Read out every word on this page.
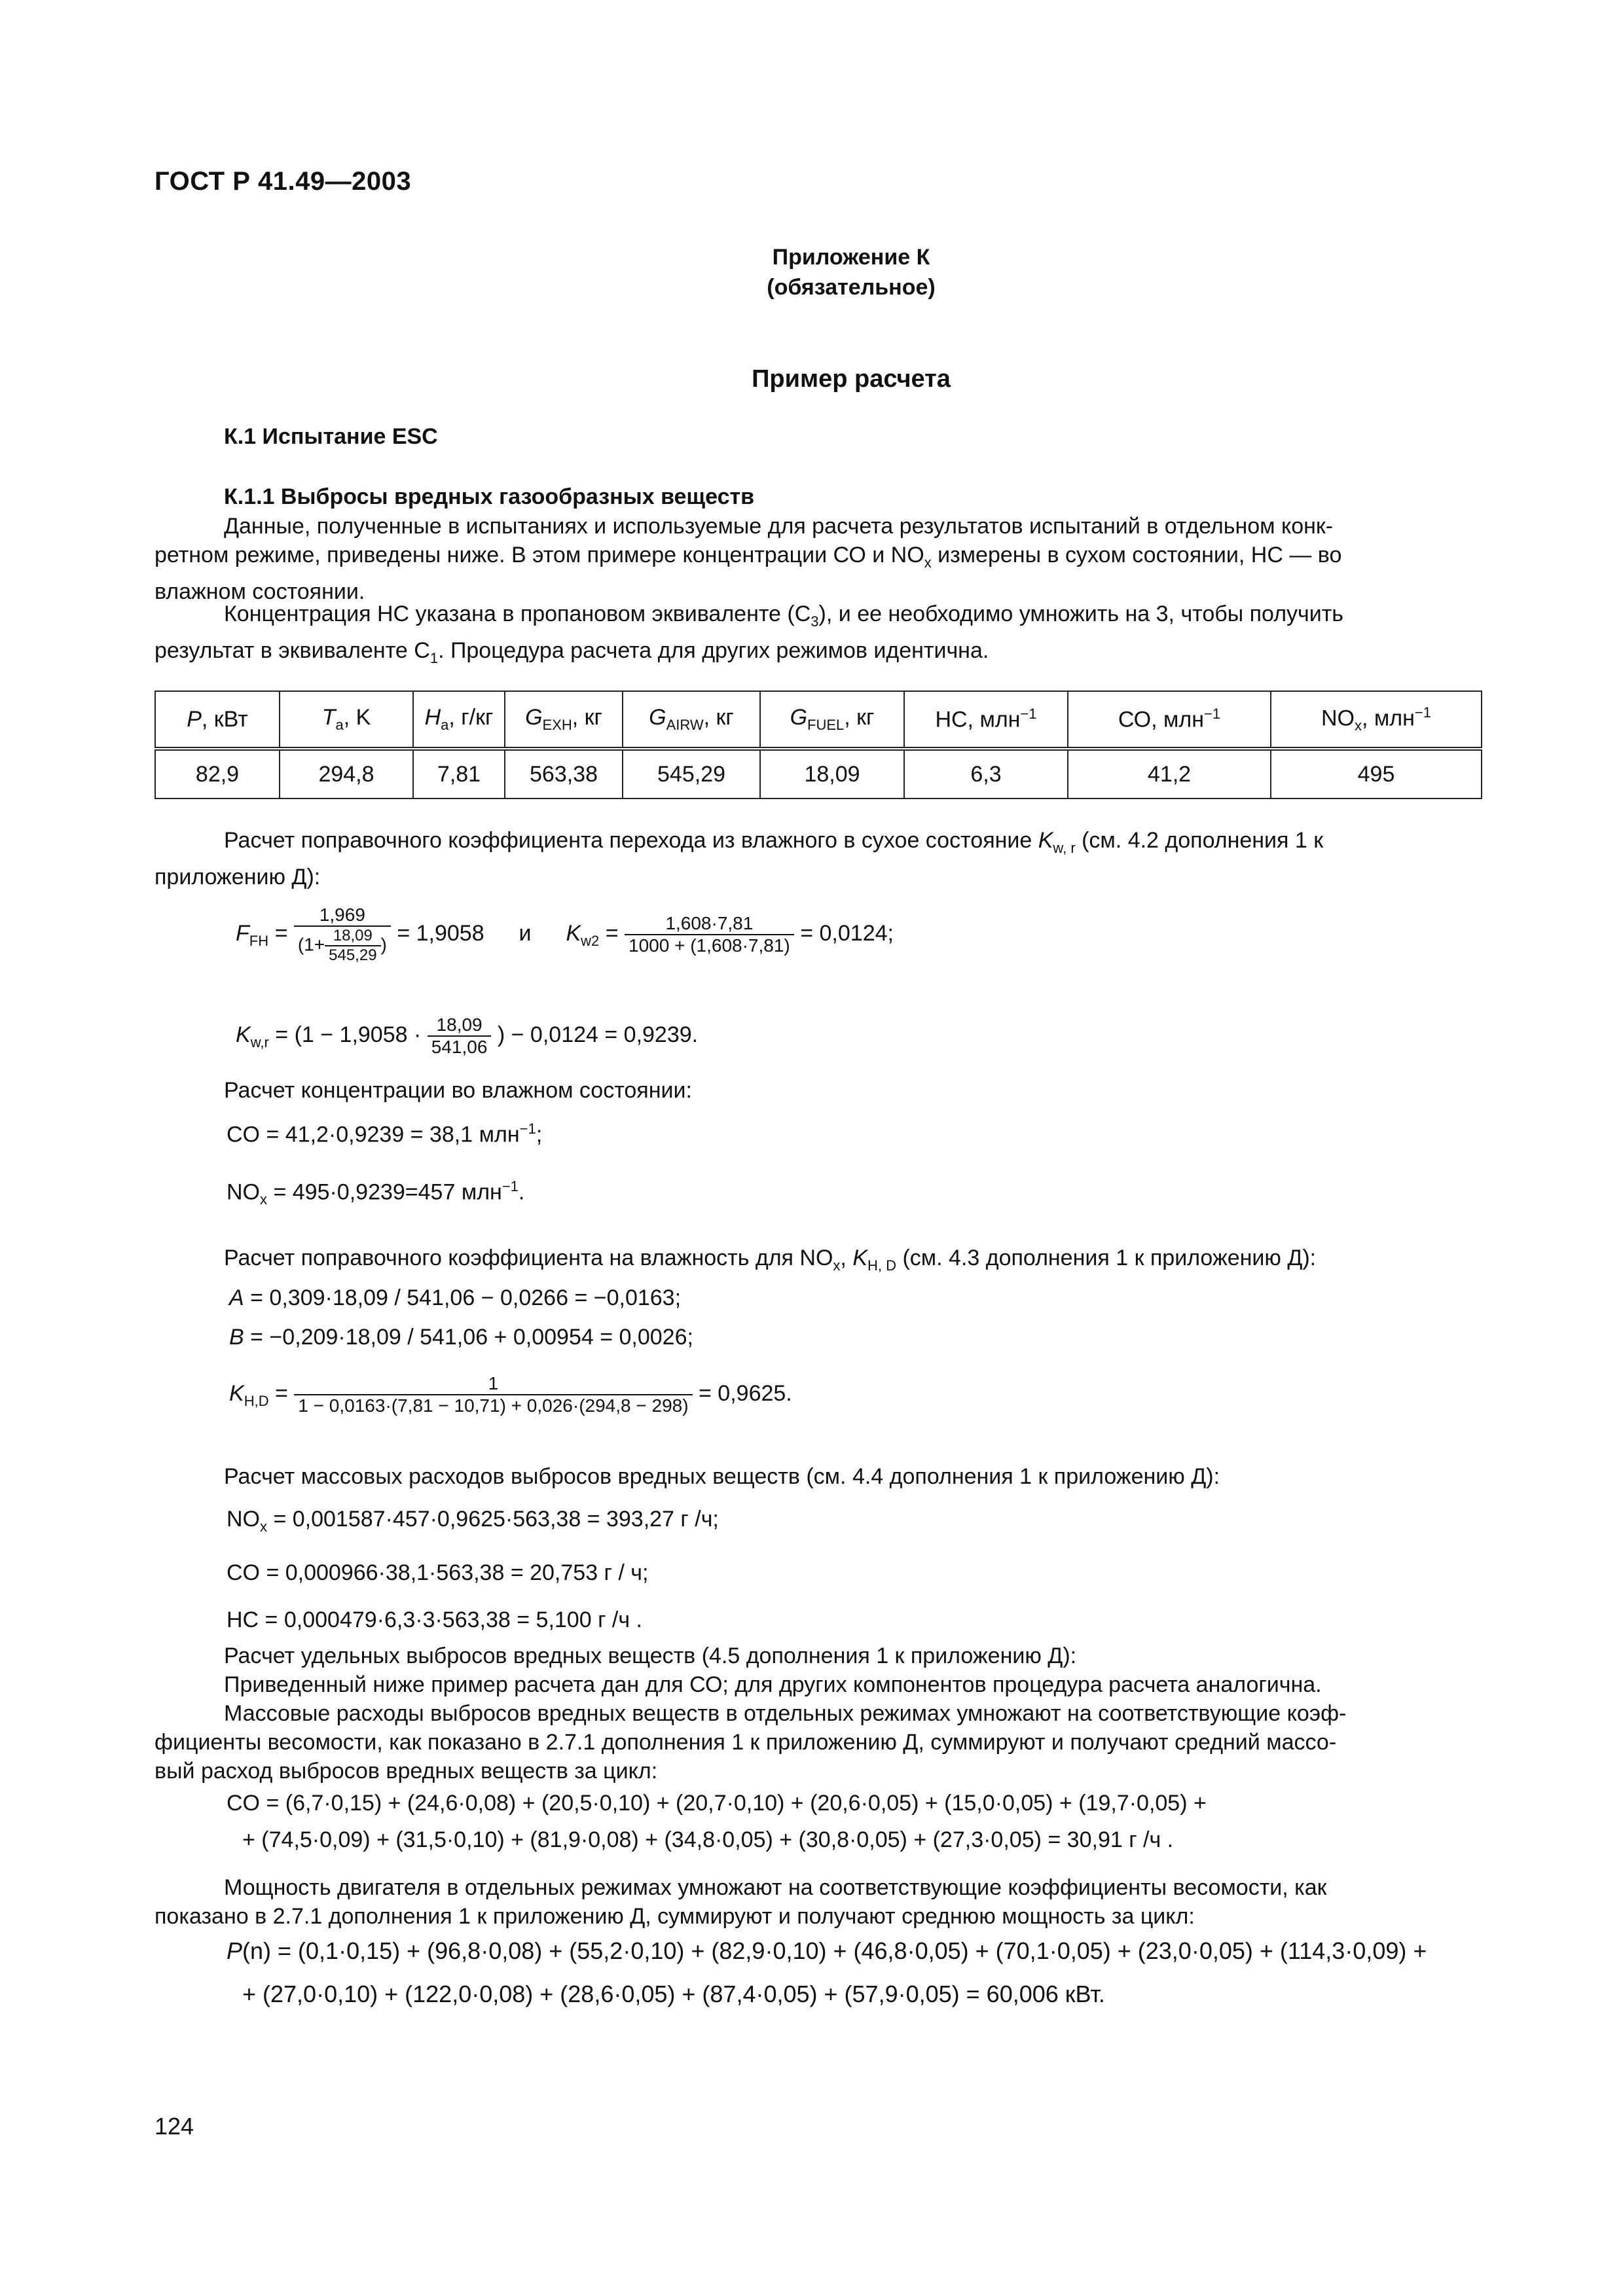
ГОСТ Р 41.49—2003
Приложение К
(обязательное)
Пример расчета
К.1 Испытание ESC
К.1.1 Выбросы вредных газообразных веществ
Данные, полученные в испытаниях и используемые для расчета результатов испытаний в отдельном конк-
ретном режиме, приведены ниже. В этом примере концентрации СО и $NO_x$ измерены в сухом состоянии, НС — во
влажном состоянии.
Концентрация НС указана в пропановом эквиваленте $(С_3)$, и ее необходимо умножить на 3, чтобы получить
результат в эквиваленте $С_1$. Процедура расчета для других режимов идентична.
P, кВт	$T_a$, K	$H_a$, г/кг	$G_{EXH}$, кг	$G_{AIRW}$, кг	$G_{FUEL}$, кг	НС, млн$^{-1}$	СО, млн$^{-1}$	$NO_x$, млн$^{-1}$
82,9	294,8	7,81	563,38	545,29	18,09	6,3	41,2	495
Расчет поправочного коэффициента перехода из влажного в сухое состояние $K_{w, r}$ (см. 4.2 дополнения 1 к
приложению Д):
$F_{FH} = \frac{1,969}{(1+ \frac{18,09}{545,29} )} = 1,9058$ и $K_{w2} = \frac{1,608\cdot 7,81}{1000 + (1,608\cdot 7,81)} = 0,0124$;
$K_{w,r} = (1 - 1,9058 \cdot \frac{18,09}{541,06}$ ) − 0,0124 = 0,9239.
Расчет концентрации во влажном состоянии:
CO = 41,2·0,9239 = 38,1 млн$^{-1}$;
$NO_x = 495\cdot 0,9239=457$ млн$^{-1}$.
Расчет поправочного коэффициента на влажность для $NO_x$, $K_{H, D}$ (см. 4.3 дополнения 1 к приложению Д):
A = 0,309·18,09 / 541,06 − 0,0266 = −0,0163;
B = −0,209·18,09 / 541,06 + 0,00954 = 0,0026;
$K_{H,D} = \frac{1}{1 - 0,0163\cdot(7,81 - 10,71) + 0,026\cdot(294,8 - 298)} = 0,9625$.
Расчет массовых расходов выбросов вредных веществ (см. 4.4 дополнения 1 к приложению Д):
$NO_x = 0,001587\cdot 457\cdot 0,9625\cdot 563,38 = 393,27$ г /ч;
CO = 0,000966·38,1·563,38 = 20,753 г / ч;
HC = 0,000479·6,3·3·563,38 = 5,100 г /ч .
Расчет удельных выбросов вредных веществ (4.5 дополнения 1 к приложению Д):
Приведенный ниже пример расчета дан для СО; для других компонентов процедура расчета аналогична.
Массовые расходы выбросов вредных веществ в отдельных режимах умножают на соответствующие коэф-
фициенты весомости, как показано в 2.7.1 дополнения 1 к приложению Д, суммируют и получают средний массо-
вый расход выбросов вредных веществ за цикл:
CO = (6,7·0,15) + (24,6·0,08) + (20,5·0,10) + (20,7·0,10) + (20,6·0,05) + (15,0·0,05) + (19,7·0,05) +
+ (74,5·0,09) + (31,5·0,10) + (81,9·0,08) + (34,8·0,05) + (30,8·0,05) + (27,3·0,05) = 30,91 г /ч .
Мощность двигателя в отдельных режимах умножают на соответствующие коэффициенты весомости, как
показано в 2.7.1 дополнения 1 к приложению Д, суммируют и получают среднюю мощность за цикл:
P(n) = (0,1·0,15) + (96,8·0,08) + (55,2·0,10) + (82,9·0,10) + (46,8·0,05) + (70,1·0,05) + (23,0·0,05) + (114,3·0,09) +
+ (27,0·0,10) + (122,0·0,08) + (28,6·0,05) + (87,4·0,05) + (57,9·0,05) = 60,006 кВт.
124
